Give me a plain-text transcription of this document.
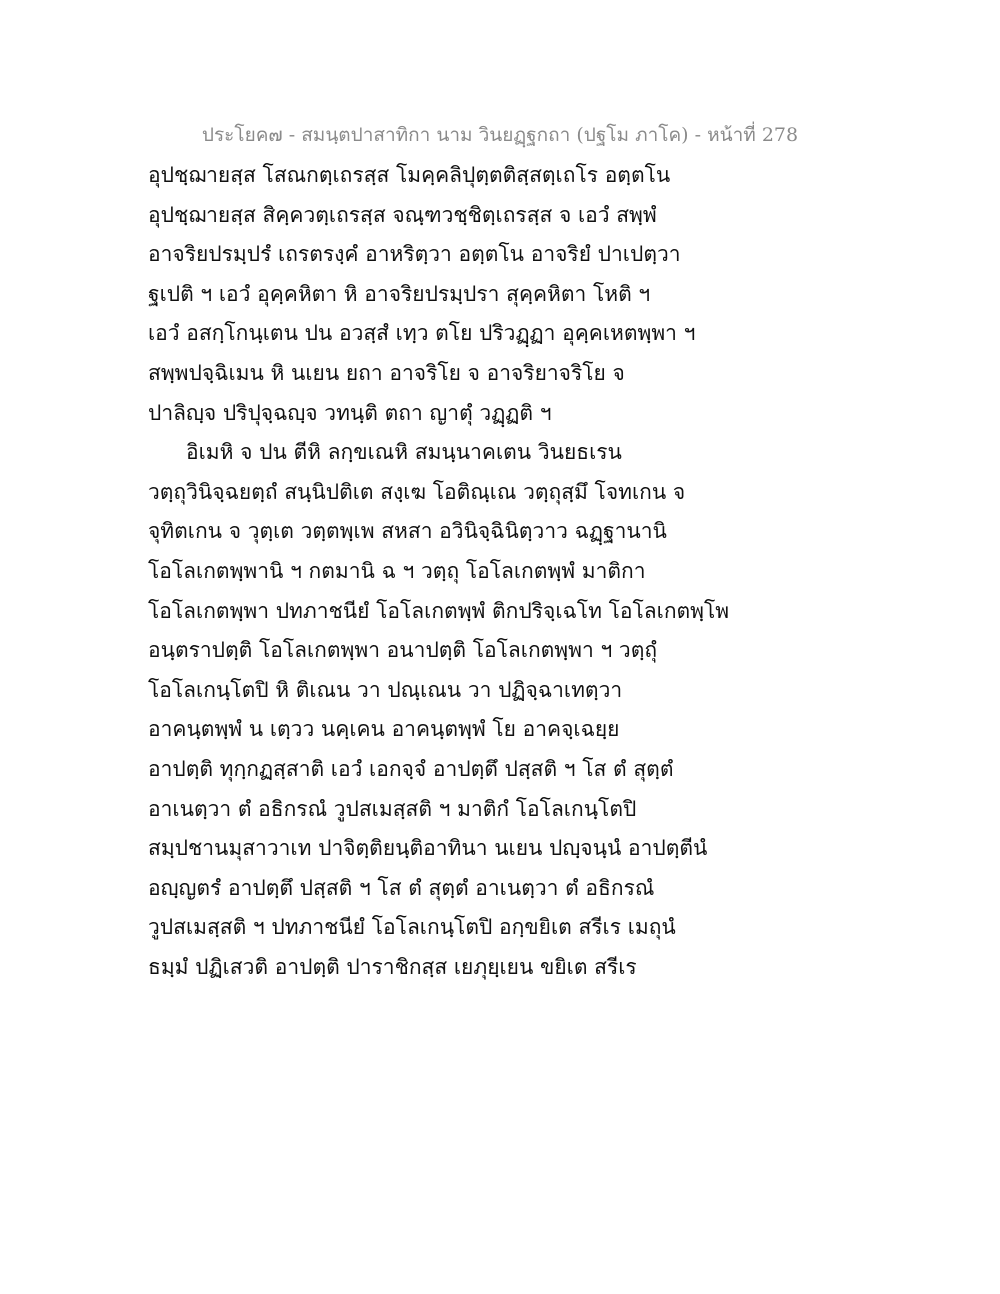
ประโยค๗ - สมนฺตปาสาทิกา นาม วินยฏฺฐกถา (ปฐโม ภาโค) - หน้าที่ 278
อุปชฺฌายสฺส โสณกตฺเถรสฺส โมคฺคลิปุตฺตติสฺสตฺเถโร อตฺตโน
อุปชฺฌายสฺส สิคฺควตฺเถรสฺส จณฺฑวชฺชิตฺเถรสฺส จ เอวํ สพฺพํ
อาจริยปรมฺปรํ เถรตรงฺคํ อาหริตฺวา อตฺตโน อาจริยํ ปาเปตฺวา
ฐเปติ ฯ เอวํ อุคฺคหิตา หิ อาจริยปรมฺปรา สุคฺคหิตา โหติ ฯ
เอวํ อสกฺโกนฺเตน ปน อวสฺสํ เทฺว ตโย ปริวฏฺฏา อุคฺคเหตพฺพา ฯ
สพฺพปจฺฉิเมน หิ นเยน ยถา อาจริโย จ อาจริยาจริโย จ
ปาลิญฺจ ปริปุจฺฉญฺจ วทนฺติ ตถา ญาตุํ วฏฺฏติ ฯ
อิเมหิ จ ปน ตีหิ ลกฺขเณหิ สมนฺนาคเตน วินยธเรน
วตฺถุวินิจฺฉยตฺถํ สนฺนิปติเต สงฺเฆ โอติณฺเณ วตฺถุสฺมึ โจทเกน จ
จุทิตเกน จ วุตฺเต วตฺตพฺเพ สหสา อวินิจฺฉินิตฺวาว ฉฏฺฐานานิ
โอโลเกตพฺพานิ ฯ กตมานิ ฉ ฯ วตฺถุ โอโลเกตพฺพํ มาติกา
โอโลเกตพฺพา ปทภาชนียํ โอโลเกตพฺพํ ติกปริจฺเฉโท โอโลเกตพฺโพ
อนฺตราปตฺติ โอโลเกตพฺพา อนาปตฺติ โอโลเกตพฺพา ฯ วตฺถุํ
โอโลเกนฺโตปิ หิ ติเณน วา ปณฺเณน วา ปฏิจฺฉาเทตฺวา
อาคนฺตพฺพํ น เตฺวว นคฺเคน อาคนฺตพฺพํ โย อาคจฺเฉยฺย
อาปตฺติ ทุกฺกฏสฺสาติ เอวํ เอกจฺจํ อาปตฺตึ ปสฺสติ ฯ โส ตํ สุตฺตํ
อาเนตฺวา ตํ อธิกรณํ วูปสเมสฺสติ ฯ มาติกํ โอโลเกนฺโตปิ
สมฺปชานมุสาวาเท ปาจิตฺติยนฺติอาทินา นเยน ปญฺจนฺนํ อาปตฺตีนํ
อญฺญตรํ อาปตฺตึ ปสฺสติ ฯ โส ตํ สุตฺตํ อาเนตฺวา ตํ อธิกรณํ
วูปสเมสฺสติ ฯ ปทภาชนียํ โอโลเกนฺโตปิ อกฺขยิเต สรีเร เมถุนํ
ธมฺมํ ปฏิเสวติ อาปตฺติ ปาราชิกสฺส เยภุยฺเยน ขยิเต สรีเร
